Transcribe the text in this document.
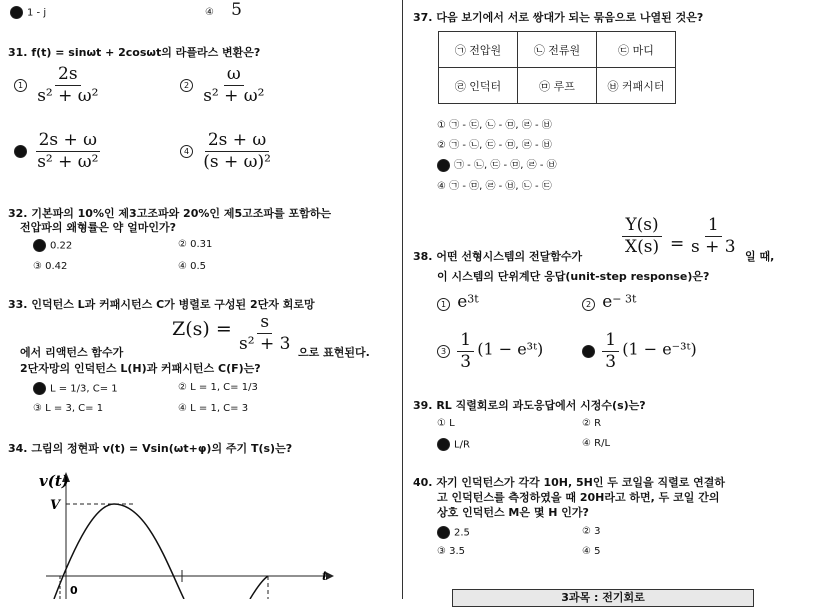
1 - j	④ 5
31. f(t) = sinωt + 2cosωt의 라플라스 변환은?
$1 \frac{2s}{\text{s² + ω²}}$	$2 \frac{\omega}{\text{s² + ω²}}$

$\frac{2s + \omega}{\text{s² + ω²}}$	$4 \frac{2s + \omega}{\text{(s + ω)²}}$
32. 기본파의 10%인 제3고조파와 20%인 제5고조파를 포함하는
전압파의 왜형률은 약 얼마인가?
0.22	② 0.31
③ 0.42	④ 0.5
33. 인덕턴스 L과 커패시턴스 C가 병렬로 구성된 2단자 회로망
에서 리액턴스 함수가
$Z(s) = \frac{s}{\text{s² + 3}}$ 으로 표현된다.
2단자망의 인덕턴스 L(H)과 커패시턴스 C(F)는?
L = 1/3, C= 1	② L = 1, C= 1/3
③ L = 3, C= 1	④ L = 1, C= 3
34. 그림의 정현파 v(t) = Vsin(ωt+φ)의 주기 T(s)는?
v(t)
V
t
0
37. 다음 보기에서 서로 쌍대가 되는 묶음으로 나열된 것은?
㉠ 전압원	㉡ 전류원	㉢ 마디
㉣ 인덕터	㉤ 루프	㉥ 커패시터
① ㉠ - ㉢, ㉡ - ㉤, ㉣ - ㉥
② ㉠ - ㉡, ㉢ - ㉤, ㉣ - ㉥
㉠ - ㉡, ㉢ - ㉤, ㉣ - ㉥
④ ㉠ - ㉤, ㉣ - ㉥, ㉡ - ㉢
38. 어떤 선형시스템의 전달함수가 $\frac{Y(s)}{X(s)} = \frac{1}{s + 3}$ 일 때,
이 시스템의 단위계단 응답(unit-step response)은?
1 $e^{3t}$	2 $e^{- 3t}$
$3 \frac{1}{3} (1$ − e³ᵗ)
	$\frac{1}{3} (1$ − e⁻³ᵗ)
39. RL 직렬회로의 과도응답에서 시정수(s)는?
① L	② R
L/R	④ R/L
40. 자기 인덕턴스가 각각 10H, 5H인 두 코일을 직렬로 연결하
고 인덕턴스를 측정하였을 때 20H라고 하면, 두 코일 간의
상호 인덕턴스 M은 몇 H 인가?
2.5	② 3
③ 3.5	④ 5
3과목 : 전기회로
